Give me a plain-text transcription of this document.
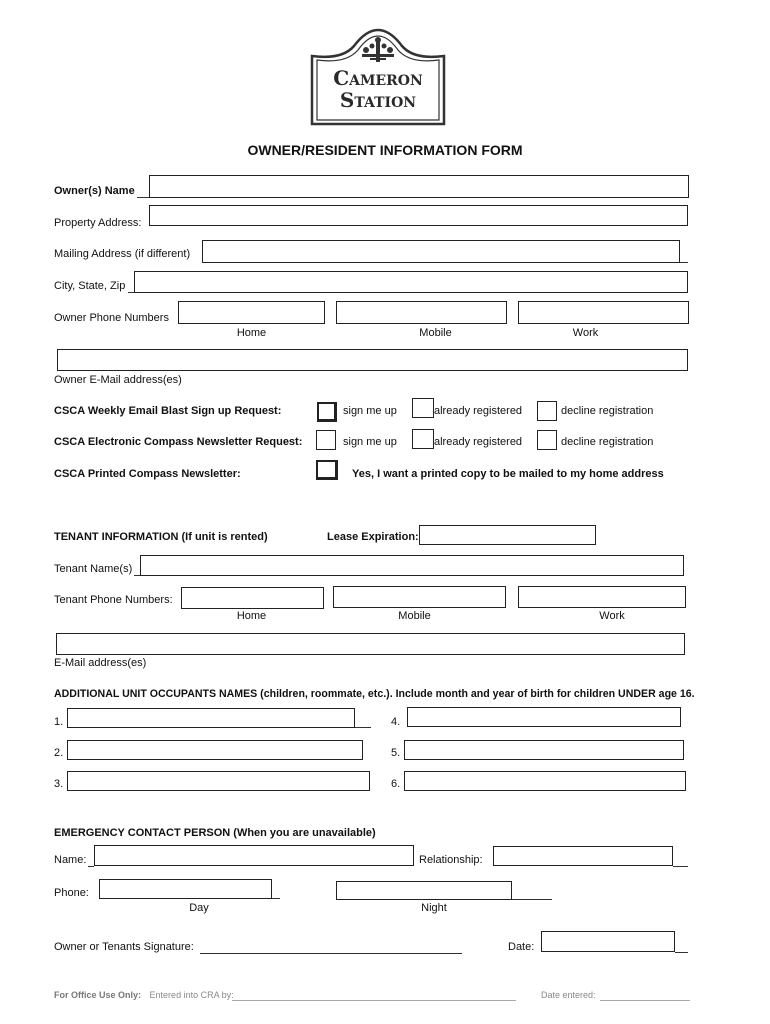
Cameron
Station
OWNER/RESIDENT INFORMATION FORM
Owner(s) Name
Property Address:
Mailing Address (if different)
City, State, Zip
Owner Phone Numbers
Home	Mobile	Work
Owner E-Mail address(es)
CSCA Weekly Email Blast Sign up Request:	sign me up	already registered	decline registration
CSCA Electronic Compass Newsletter Request:	sign me up	already registered	decline registration
CSCA Printed Compass Newsletter:	Yes, I want a printed copy to be mailed to my home address
TENANT INFORMATION (If unit is rented)	Lease Expiration:
Tenant Name(s)
Tenant Phone Numbers:
Home	Mobile	Work
E-Mail address(es)
ADDITIONAL UNIT OCCUPANTS NAMES (children, roommate, etc.). Include month and year of birth for children UNDER age 16.
1.	4.
2.	5.
3.	6.
EMERGENCY CONTACT PERSON (When you are unavailable)
Name:	Relationship:
Phone:
Day	Night
Owner or Tenants Signature:	Date:
For Office Use Only: Entered into CRA by:	Date entered:
